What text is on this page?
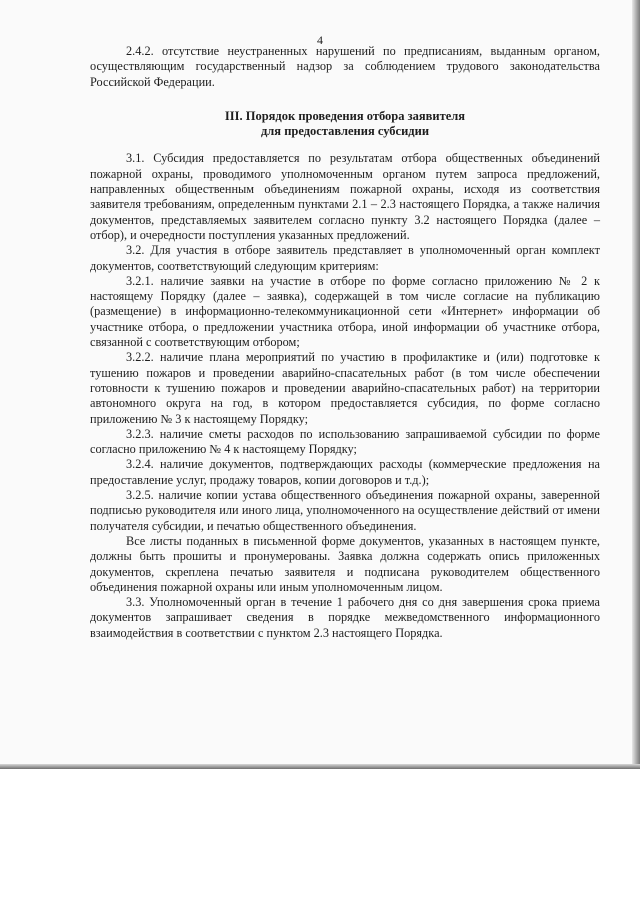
4

2.4.2. отсутствие неустраненных нарушений по предписаниям, выданным органом, осуществляющим государственный надзор за соблюдением трудового законодательства Российской Федерации.

III. Порядок проведения отбора заявителя
для предоставления субсидии

3.1. Субсидия предоставляется по результатам отбора общественных объединений пожарной охраны, проводимого уполномоченным органом путем запроса предложений, направленных общественным объединениям пожарной охраны, исходя из соответствия заявителя требованиям, определенным пунктами 2.1 – 2.3 настоящего Порядка, а также наличия документов, представляемых заявителем согласно пункту 3.2 настоящего Порядка (далее – отбор), и очередности поступления указанных предложений.

3.2. Для участия в отборе заявитель представляет в уполномоченный орган комплект документов, соответствующий следующим критериям:

3.2.1. наличие заявки на участие в отборе по форме согласно приложению № 2 к настоящему Порядку (далее – заявка), содержащей в том числе согласие на публикацию (размещение) в информационно-телекоммуникационной сети «Интернет» информации об участнике отбора, о предложении участника отбора, иной информации об участнике отбора, связанной с соответствующим отбором;

3.2.2. наличие плана мероприятий по участию в профилактике и (или) подготовке к тушению пожаров и проведении аварийно-спасательных работ (в том числе обеспечении готовности к тушению пожаров и проведении аварийно-спасательных работ) на территории автономного округа на год, в котором предоставляется субсидия, по форме согласно приложению № 3 к настоящему Порядку;

3.2.3. наличие сметы расходов по использованию запрашиваемой субсидии по форме согласно приложению № 4 к настоящему Порядку;

3.2.4. наличие документов, подтверждающих расходы (коммерческие предложения на предоставление услуг, продажу товаров, копии договоров и т.д.);

3.2.5. наличие копии устава общественного объединения пожарной охраны, заверенной подписью руководителя или иного лица, уполномоченного на осуществление действий от имени получателя субсидии, и печатью общественного объединения.

Все листы поданных в письменной форме документов, указанных в настоящем пункте, должны быть прошиты и пронумерованы. Заявка должна содержать опись приложенных документов, скреплена печатью заявителя и подписана руководителем общественного объединения пожарной охраны или иным уполномоченным лицом.

3.3. Уполномоченный орган в течение 1 рабочего дня со дня завершения срока приема документов запрашивает сведения в порядке межведомственного информационного взаимодействия в соответствии с пунктом 2.3 настоящего Порядка.
